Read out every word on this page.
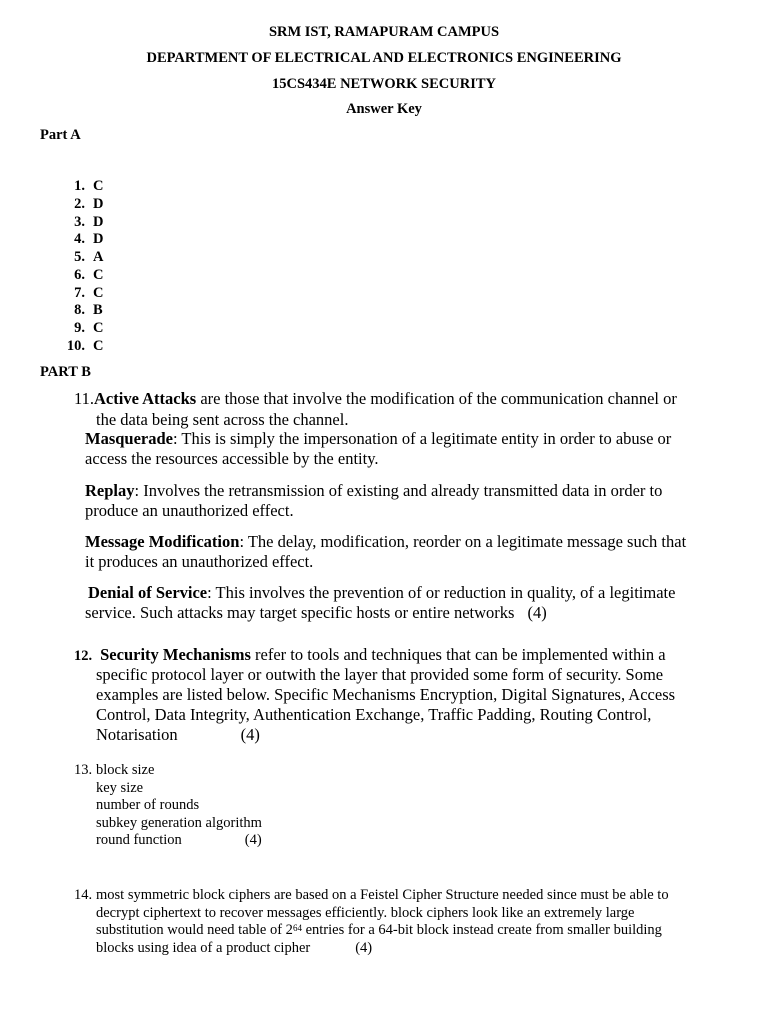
SRM IST, RAMAPURAM CAMPUS
DEPARTMENT OF ELECTRICAL AND ELECTRONICS ENGINEERING
15CS434E NETWORK SECURITY
Answer Key
Part A
1. C
2. D
3. D
4. D
5. A
6. C
7. C
8. B
9. C
10. C
PART B
11.Active Attacks are those that involve the modification of the communication channel or
the data being sent across the channel.
Masquerade: This is simply the impersonation of a legitimate entity in order to abuse or
access the resources accessible by the entity.
Replay: Involves the retransmission of existing and already transmitted data in order to
produce an unauthorized effect.
Message Modification: The delay, modification, reorder on a legitimate message such that
it produces an unauthorized effect.
Denial of Service: This involves the prevention of or reduction in quality, of a legitimate
service. Such attacks may target specific hosts or entire networks (4)
12. Security Mechanisms refer to tools and techniques that can be implemented within a
specific protocol layer or outwith the layer that provided some form of security. Some
examples are listed below. Specific Mechanisms Encryption, Digital Signatures, Access
Control, Data Integrity, Authentication Exchange, Traffic Padding, Routing Control,
Notarisation	(4)
13. block size
key size
number of rounds
subkey generation algorithm
round function	(4)
14. most symmetric block ciphers are based on a Feistel Cipher Structure needed since must be able to
decrypt ciphertext to recover messages efficiently. block ciphers look like an extremely large
substitution would need table of $2^{64}$ entries for a 64-bit block instead create from smaller building
blocks using idea of a product cipher	(4)
